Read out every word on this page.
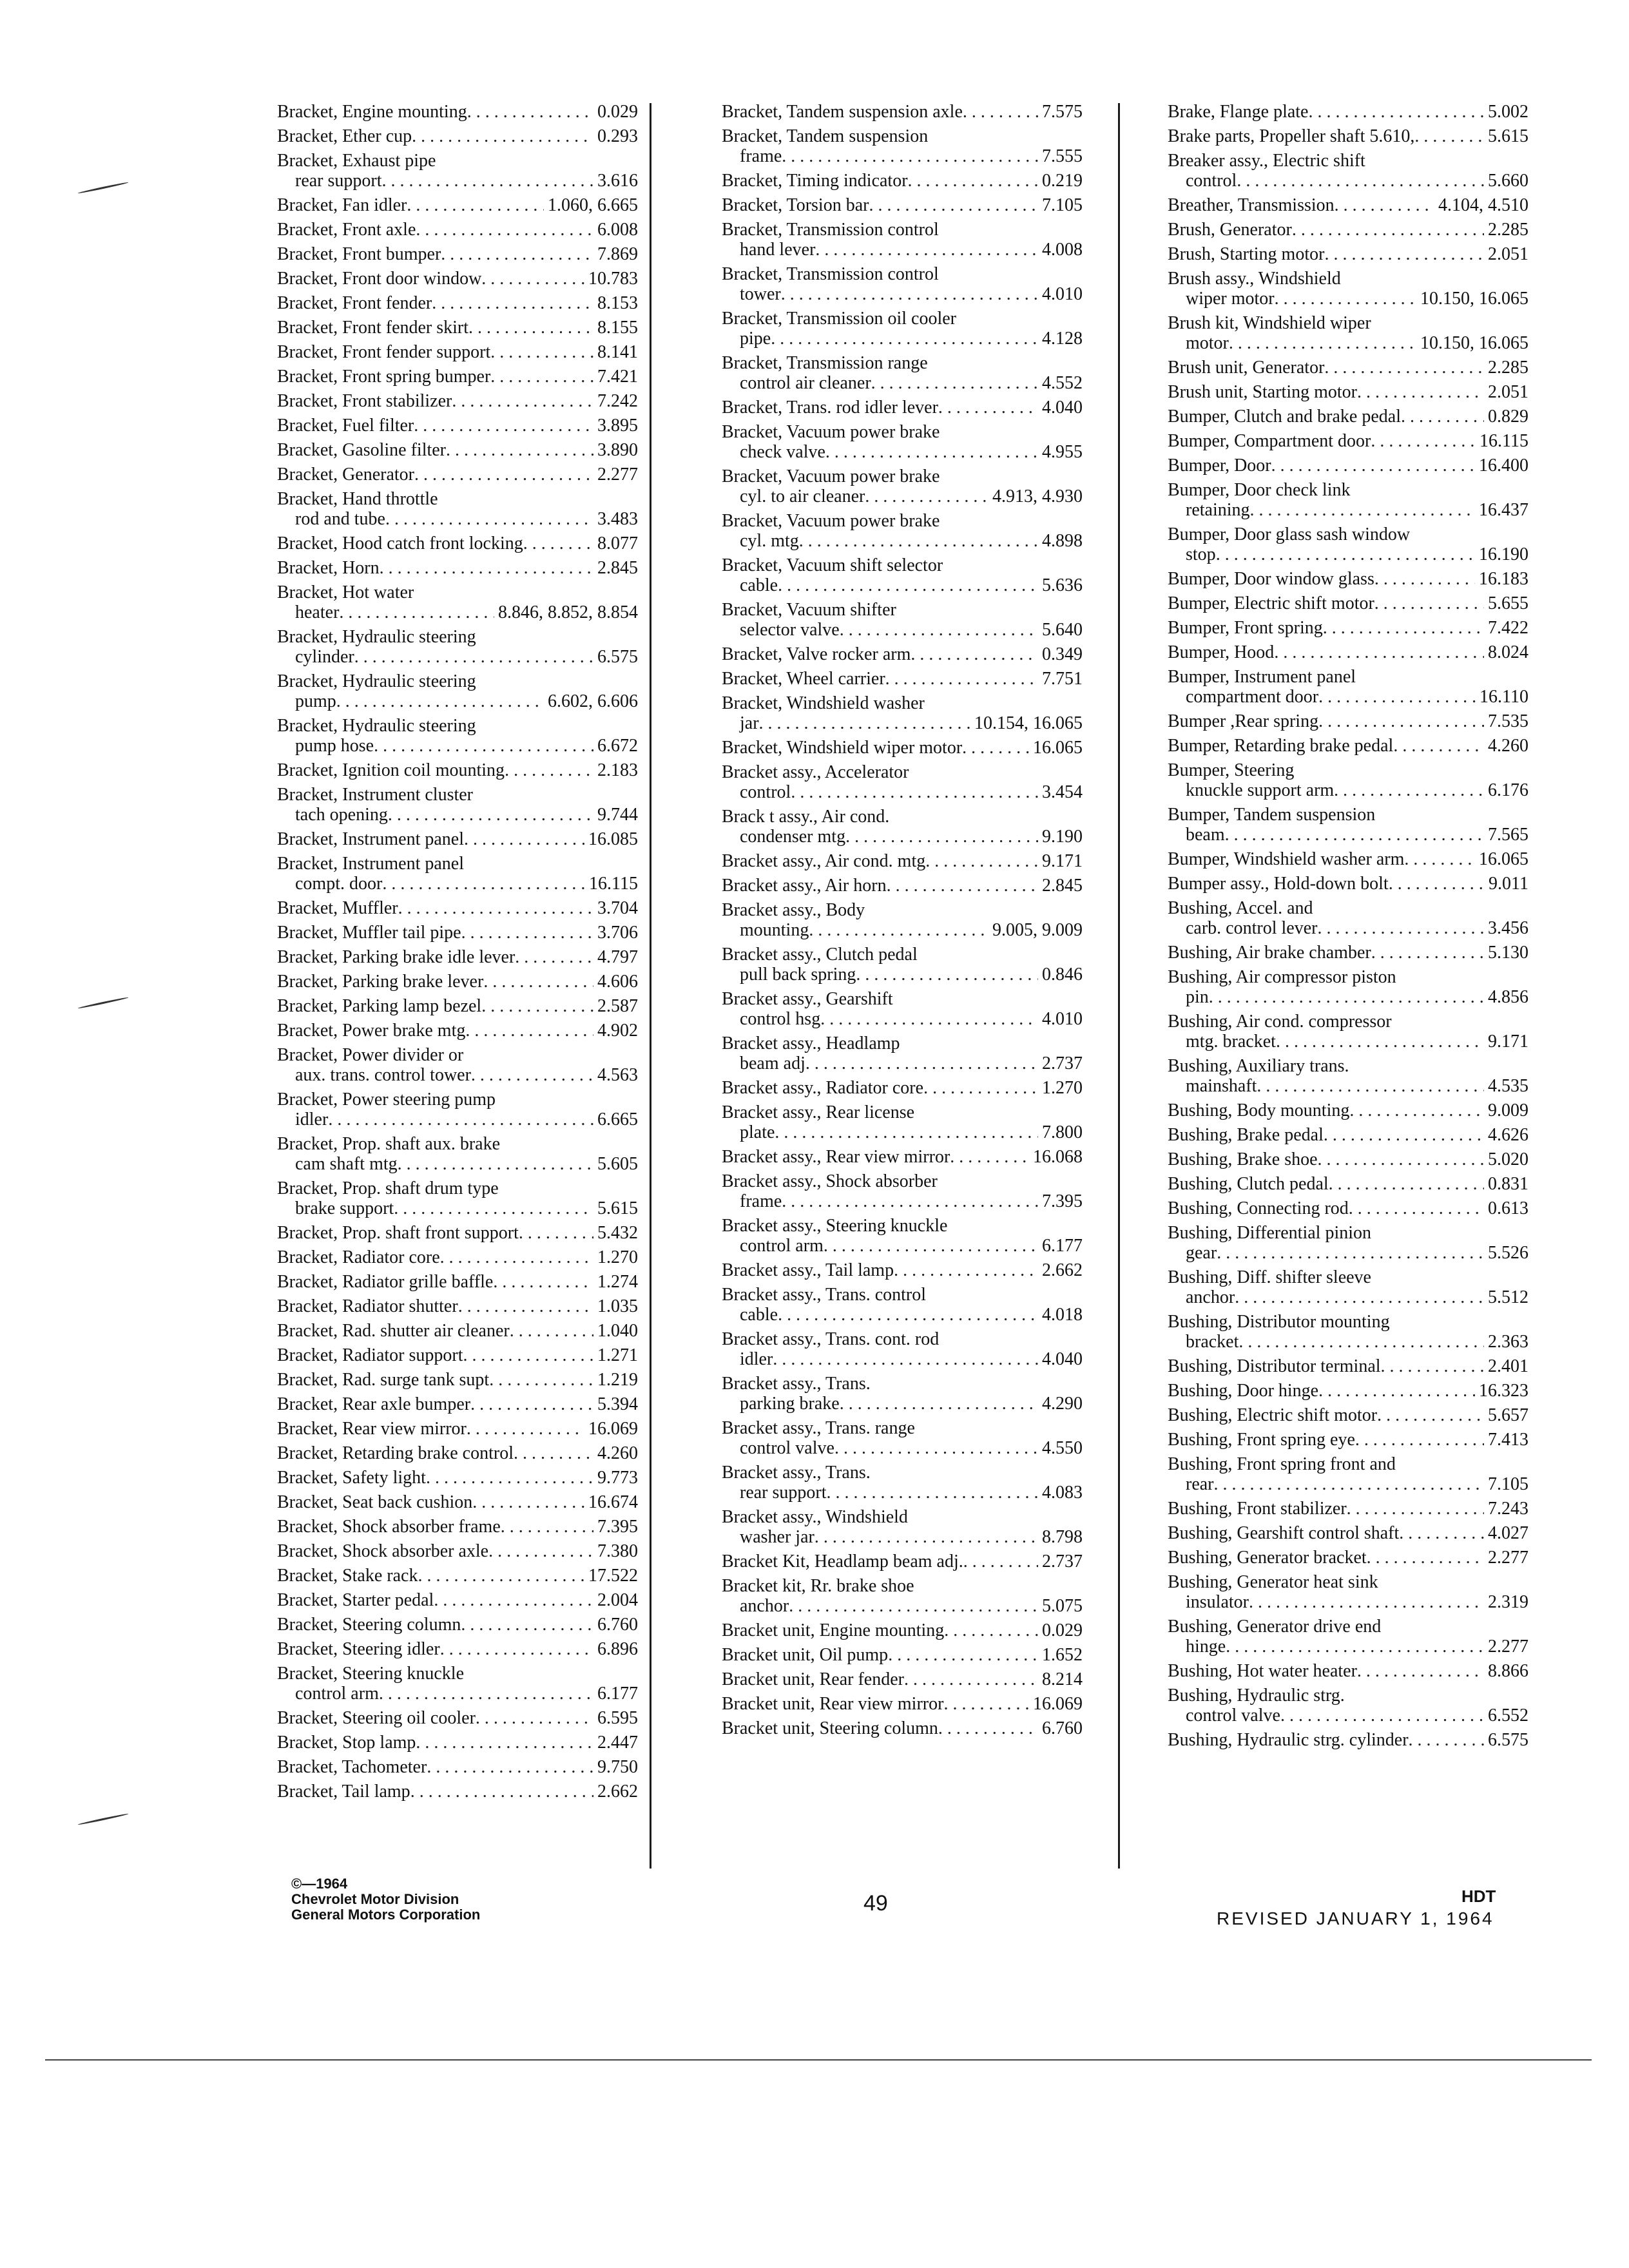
Bracket, Engine mounting . . .	0.029
Bracket, Ether cup . . .	0.293
Bracket, Exhaust pipe
rear support . . .	3.616
Bracket, Fan idler . . .	1.060, 6.665
Bracket, Front axle . . .	6.008
Bracket, Front bumper . . .	7.869
Bracket, Front door window . . .	10.783
Bracket, Front fender . . .	8.153
Bracket, Front fender skirt . . .	8.155
Bracket, Front fender support . . .	8.141
Bracket, Front spring bumper . . .	7.421
Bracket, Front stabilizer . . .	7.242
Bracket, Fuel filter . . .	3.895
Bracket, Gasoline filter . . .	3.890
Bracket, Generator . . .	2.277
Bracket, Hand throttle
rod and tube . . .	3.483
Bracket, Hood catch front locking . . .	8.077
Bracket, Horn . . .	2.845
Bracket, Hot water
heater . . .	8.846, 8.852, 8.854
Bracket, Hydraulic steering
cylinder . . .	6.575
Bracket, Hydraulic steering
pump . . .	6.602, 6.606
Bracket, Hydraulic steering
pump hose . . .	6.672
Bracket, Ignition coil mounting . . .	2.183
Bracket, Instrument cluster
tach opening . . .	9.744
Bracket, Instrument panel . . .	16.085
Bracket, Instrument panel
compt. door . . .	16.115
Bracket, Muffler . . .	3.704
Bracket, Muffler tail pipe . . .	3.706
Bracket, Parking brake idle lever . . .	4.797
Bracket, Parking brake lever . . .	4.606
Bracket, Parking lamp bezel . . .	2.587
Bracket, Power brake mtg . . .	4.902
Bracket, Power divider or
aux. trans. control tower . . .	4.563
Bracket, Power steering pump
idler . . .	6.665
Bracket, Prop. shaft aux. brake
cam shaft mtg . . .	5.605
Bracket, Prop. shaft drum type
brake support . . .	5.615
Bracket, Prop. shaft front support . . .	5.432
Bracket, Radiator core . . .	1.270
Bracket, Radiator grille baffle . . .	1.274
Bracket, Radiator shutter . . .	1.035
Bracket, Rad. shutter air cleaner . . .	1.040
Bracket, Radiator support . . .	1.271
Bracket, Rad. surge tank supt . . .	1.219
Bracket, Rear axle bumper . . .	5.394
Bracket, Rear view mirror . . .	16.069
Bracket, Retarding brake control . . .	4.260
Bracket, Safety light . . .	9.773
Bracket, Seat back cushion . . .	16.674
Bracket, Shock absorber frame . . .	7.395
Bracket, Shock absorber axle . . .	7.380
Bracket, Stake rack . . .	17.522
Bracket, Starter pedal . . .	2.004
Bracket, Steering column . . .	6.760
Bracket, Steering idler . . .	6.896
Bracket, Steering knuckle
control arm . . .	6.177
Bracket, Steering oil cooler . . .	6.595
Bracket, Stop lamp . . .	2.447
Bracket, Tachometer . . .	9.750
Bracket, Tail lamp . . .	2.662
Bracket, Tandem suspension axle . . .	7.575
Bracket, Tandem suspension
frame . . .	7.555
Bracket, Timing indicator . . .	0.219
Bracket, Torsion bar . . .	7.105
Bracket, Transmission control
hand lever . . .	4.008
Bracket, Transmission control
tower . . .	4.010
Bracket, Transmission oil cooler
pipe . . .	4.128
Bracket, Transmission range
control air cleaner . . .	4.552
Bracket, Trans. rod idler lever . . .	4.040
Bracket, Vacuum power brake
check valve . . .	4.955
Bracket, Vacuum power brake
cyl. to air cleaner . . .	4.913, 4.930
Bracket, Vacuum power brake
cyl. mtg . . .	4.898
Bracket, Vacuum shift selector
cable . . .	5.636
Bracket, Vacuum shifter
selector valve . . .	5.640
Bracket, Valve rocker arm . . .	0.349
Bracket, Wheel carrier . . .	7.751
Bracket, Windshield washer
jar . . .	10.154, 16.065
Bracket, Windshield wiper motor . . .	16.065
Bracket assy., Accelerator
control . . .	3.454
Brack t assy., Air cond.
condenser mtg . . .	9.190
Bracket assy., Air cond. mtg . . .	9.171
Bracket assy., Air horn . . .	2.845
Bracket assy., Body
mounting . . .	9.005, 9.009
Bracket assy., Clutch pedal
pull back spring . . .	0.846
Bracket assy., Gearshift
control hsg . . .	4.010
Bracket assy., Headlamp
beam adj . . .	2.737
Bracket assy., Radiator core . . .	1.270
Bracket assy., Rear license
plate . . .	7.800
Bracket assy., Rear view mirror . . .	16.068
Bracket assy., Shock absorber
frame . . .	7.395
Bracket assy., Steering knuckle
control arm . . .	6.177
Bracket assy., Tail lamp . . .	2.662
Bracket assy., Trans. control
cable . . .	4.018
Bracket assy., Trans. cont. rod
idler . . .	4.040
Bracket assy., Trans.
parking brake . . .	4.290
Bracket assy., Trans. range
control valve . . .	4.550
Bracket assy., Trans.
rear support . . .	4.083
Bracket assy., Windshield
washer jar . . .	8.798
Bracket Kit, Headlamp beam adj. . . .	2.737
Bracket kit, Rr. brake shoe
anchor . . .	5.075
Bracket unit, Engine mounting . . .	0.029
Bracket unit, Oil pump . . .	1.652
Bracket unit, Rear fender . . .	8.214
Bracket unit, Rear view mirror . . .	16.069
Bracket unit, Steering column . . .	6.760
Brake, Flange plate . . .	5.002
Brake parts, Propeller shaft 5.610, . . .	5.615
Breaker assy., Electric shift
control . . .	5.660
Breather, Transmission . . .	4.104, 4.510
Brush, Generator . . .	2.285
Brush, Starting motor . . .	2.051
Brush assy., Windshield
wiper motor . . .	10.150, 16.065
Brush kit, Windshield wiper
motor . . .	10.150, 16.065
Brush unit, Generator . . .	2.285
Brush unit, Starting motor . . .	2.051
Bumper, Clutch and brake pedal . . .	0.829
Bumper, Compartment door . . .	16.115
Bumper, Door . . .	16.400
Bumper, Door check link
retaining . . .	16.437
Bumper, Door glass sash window
stop . . .	16.190
Bumper, Door window glass . . .	16.183
Bumper, Electric shift motor . . .	5.655
Bumper, Front spring . . .	7.422
Bumper, Hood . . .	8.024
Bumper, Instrument panel
compartment door . . .	16.110
Bumper ,Rear spring . . .	7.535
Bumper, Retarding brake pedal . . .	4.260
Bumper, Steering
knuckle support arm . . .	6.176
Bumper, Tandem suspension
beam . . .	7.565
Bumper, Windshield washer arm . . .	16.065
Bumper assy., Hold-down bolt . . .	9.011
Bushing, Accel. and
carb. control lever . . .	3.456
Bushing, Air brake chamber . . .	5.130
Bushing, Air compressor piston
pin . . .	4.856
Bushing, Air cond. compressor
mtg. bracket . . .	9.171
Bushing, Auxiliary trans.
mainshaft . . .	4.535
Bushing, Body mounting . . .	9.009
Bushing, Brake pedal . . .	4.626
Bushing, Brake shoe . . .	5.020
Bushing, Clutch pedal . . .	0.831
Bushing, Connecting rod . . .	0.613
Bushing, Differential pinion
gear . . .	5.526
Bushing, Diff. shifter sleeve
anchor . . .	5.512
Bushing, Distributor mounting
bracket . . .	2.363
Bushing, Distributor terminal . . .	2.401
Bushing, Door hinge . . .	16.323
Bushing, Electric shift motor . . .	5.657
Bushing, Front spring eye . . .	7.413
Bushing, Front spring front and
rear . . .	7.105
Bushing, Front stabilizer . . .	7.243
Bushing, Gearshift control shaft . . .	4.027
Bushing, Generator bracket . . .	2.277
Bushing, Generator heat sink
insulator . . .	2.319
Bushing, Generator drive end
hinge . . .	2.277
Bushing, Hot water heater . . .	8.866
Bushing, Hydraulic strg.
control valve . . .	6.552
Bushing, Hydraulic strg. cylinder . . .	6.575
©—1964
Chevrolet Motor Division
General Motors Corporation	49	HDT
REVISED JANUARY 1, 1964
